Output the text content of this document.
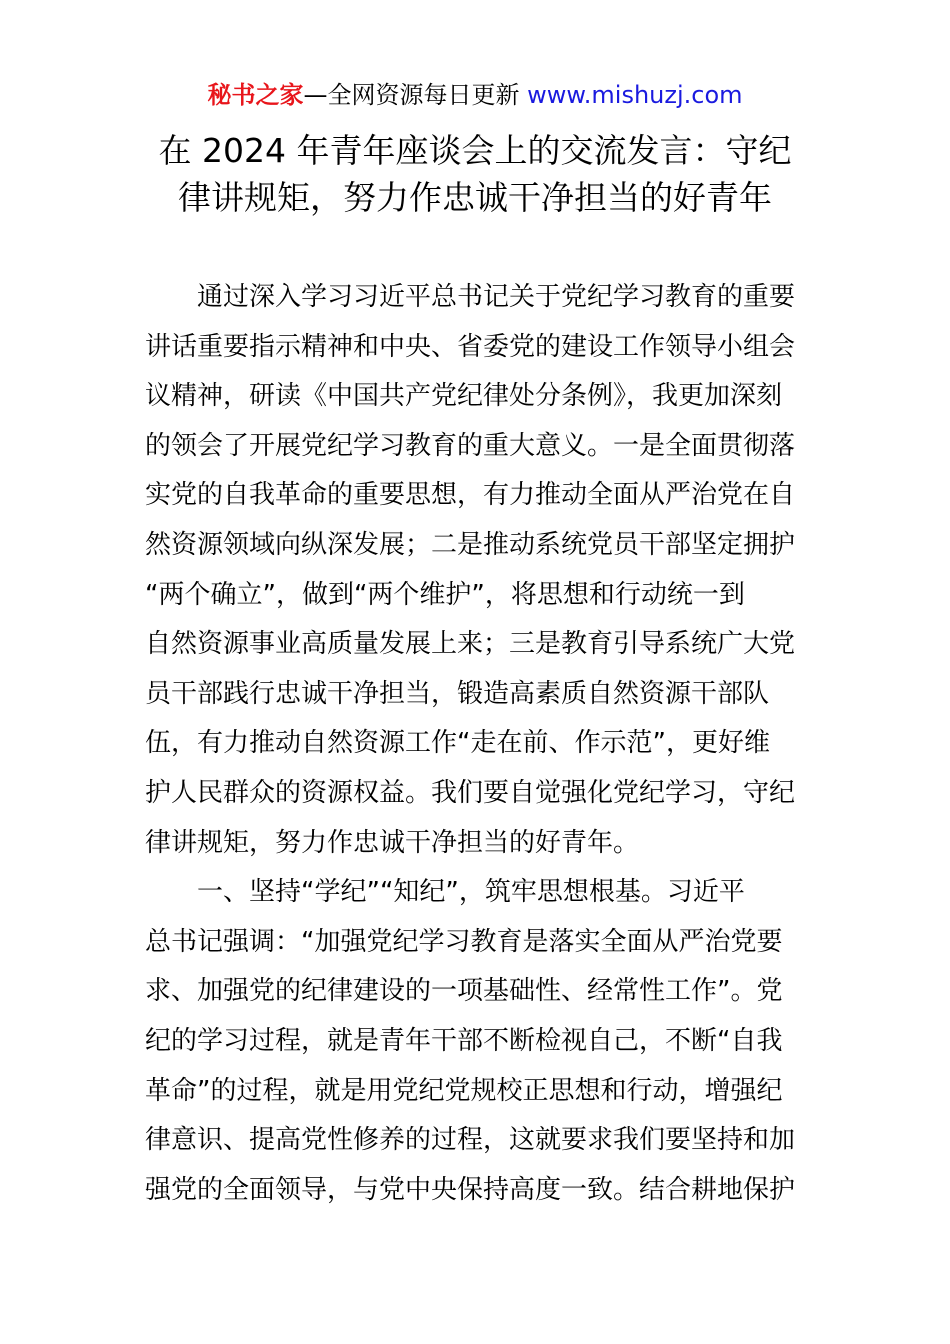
秘书之家—全网资源每日更新 www.mishuzj.com
在 2024 年青年座谈会上的交流发言：守纪
律讲规矩，努力作忠诚干净担当的好青年
通过深入学习习近平总书记关于党纪学习教育的重要
讲话重要指示精神和中央、省委党的建设工作领导小组会
议精神，研读《中国共产党纪律处分条例》，我更加深刻
的领会了开展党纪学习教育的重大意义。一是全面贯彻落
实党的自我革命的重要思想，有力推动全面从严治党在自
然资源领域向纵深发展；二是推动系统党员干部坚定拥护
“两个确立”，做到“两个维护”，将思想和行动统一到
自然资源事业高质量发展上来；三是教育引导系统广大党
员干部践行忠诚干净担当，锻造高素质自然资源干部队
伍，有力推动自然资源工作“走在前、作示范”，更好维
护人民群众的资源权益。我们要自觉强化党纪学习，守纪
律讲规矩，努力作忠诚干净担当的好青年。
一、坚持“学纪”“知纪”，筑牢思想根基。习近平
总书记强调：“加强党纪学习教育是落实全面从严治党要
求、加强党的纪律建设的一项基础性、经常性工作”。党
纪的学习过程，就是青年干部不断检视自己，不断“自我
革命”的过程，就是用党纪党规校正思想和行动，增强纪
律意识、提高党性修养的过程，这就要求我们要坚持和加
强党的全面领导，与党中央保持高度一致。结合耕地保护
